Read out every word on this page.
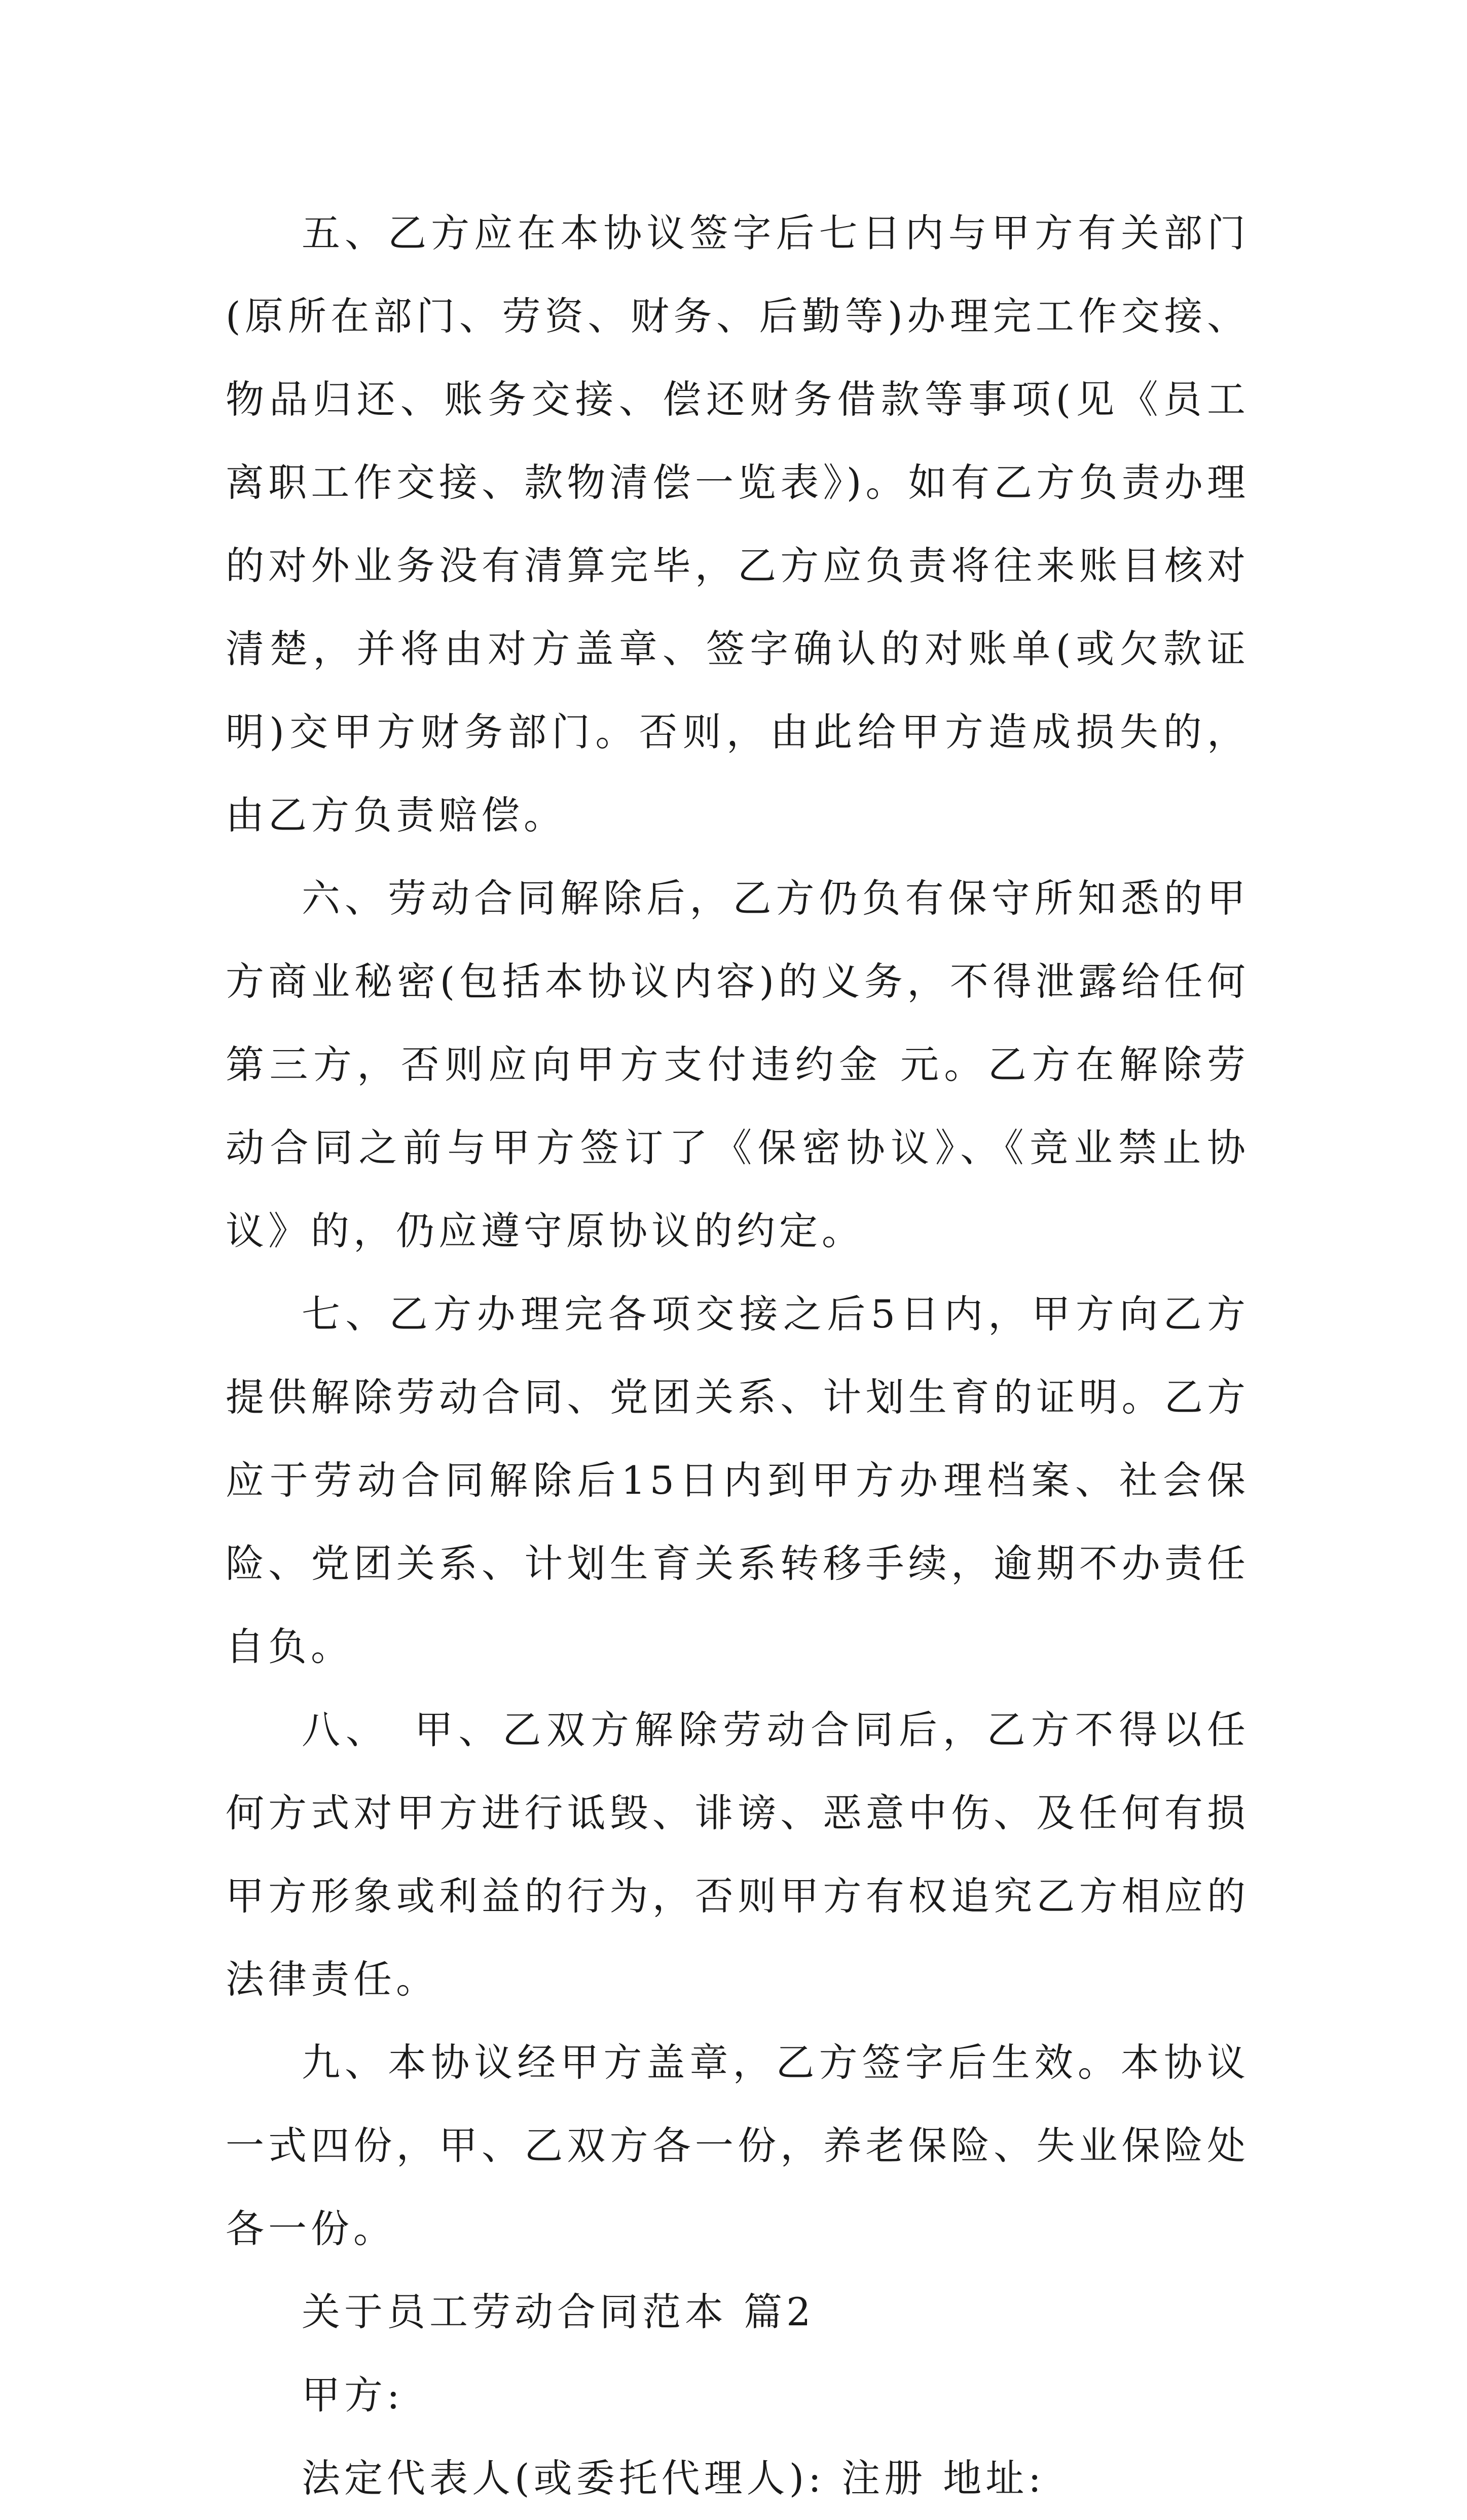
五、乙方应在本协议签字后七日内与甲方有关部门(原所在部门、劳资、财务、后勤等)办理完工作交接、物品归还、账务交接、偿还财务借款等事项(见《员工离职工作交接、款物清偿一览表》)。如有乙方负责办理的对外业务没有清算完毕，乙方应负责将往来账目核对清楚，并将由对方盖章、签字确认的对账单(或欠款证明)交甲方财务部门。否则，由此给甲方造成损失的，由乙方负责赔偿。

六、劳动合同解除后，乙方仍负有保守所知悉的甲方商业秘密(包括本协议内容)的义务，不得泄露给任何第三方，否则应向甲方支付违约金 元。乙方在解除劳动合同之前与甲方签订了《保密协议》、《竞业禁止协议》的，仍应遵守原协议的约定。

七、乙方办理完各项交接之后5日内，甲方向乙方提供解除劳动合同、党团关系、计划生育的证明。乙方应于劳动合同解除后15日内到甲方办理档案、社会保险、党团关系、计划生育关系转移手续，逾期不办责任自负。

八、　甲、乙双方解除劳动合同后，乙方不得以任何方式对甲方进行诋毁、诽谤、恶意中伤、及任何有损甲方形象或利益的行为，否则甲方有权追究乙方相应的法律责任。

九、本协议经甲方盖章，乙方签字后生效。本协议一式四份，甲、乙双方各一份，养老保险、失业保险处各一份。

关于员工劳动合同范本 篇2

甲方:

法定代表人(或委托代理人): 注册 地址:
